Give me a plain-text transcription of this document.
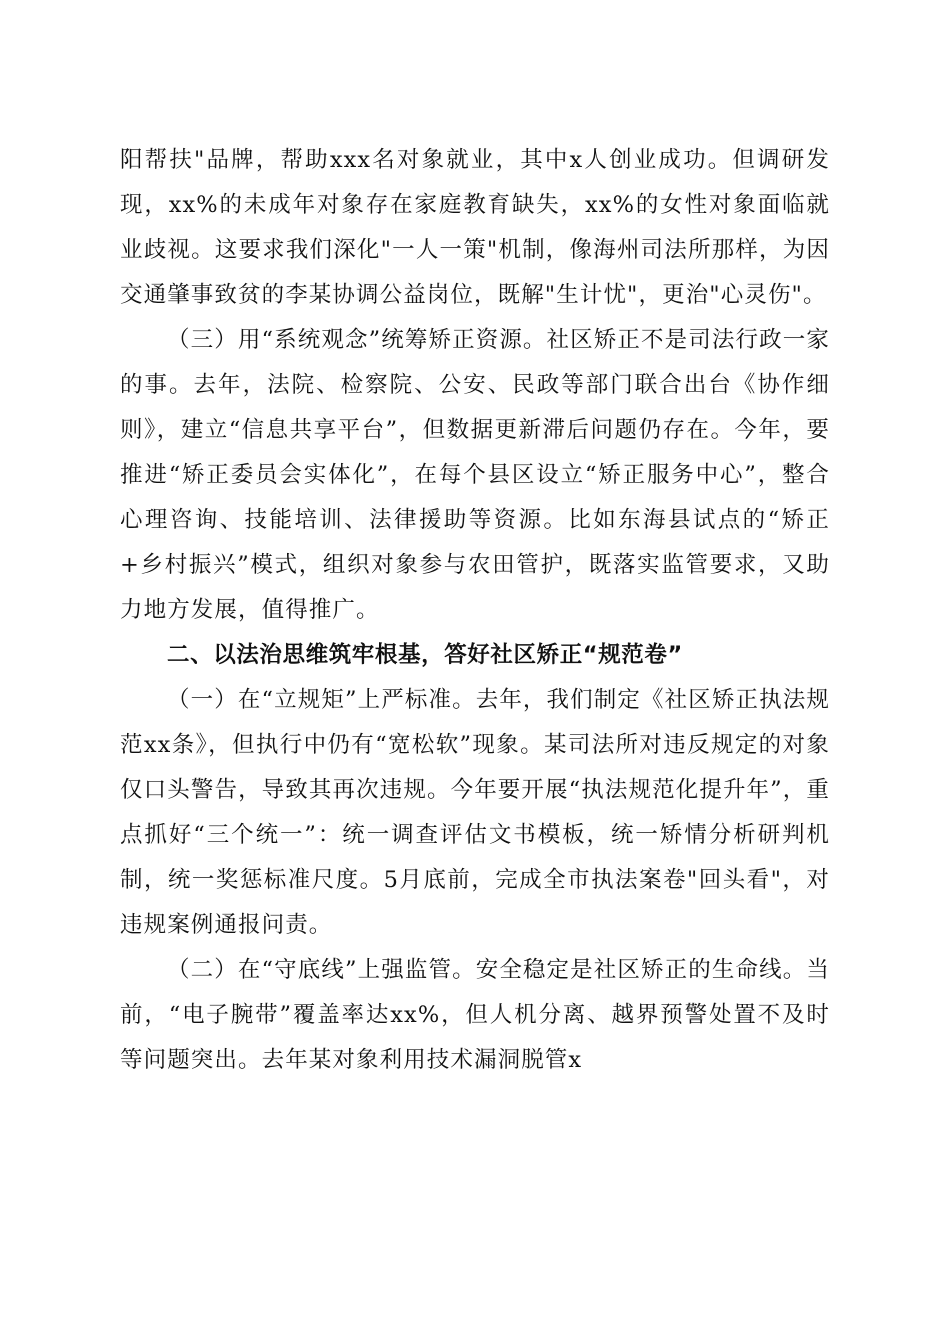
阳帮扶"品牌，帮助xxx名对象就业，其中x人创业成功。但调研发现，xx%的未成年对象存在家庭教育缺失，xx%的女性对象面临就业歧视。这要求我们深化"一人一策"机制，像海州司法所那样，为因交通肇事致贫的李某协调公益岗位，既解"生计忧"，更治"心灵伤"。

（三）用“系统观念”统筹矫正资源。社区矫正不是司法行政一家的事。去年，法院、检察院、公安、民政等部门联合出台《协作细则》，建立“信息共享平台”，但数据更新滞后问题仍存在。今年，要推进“矫正委员会实体化”，在每个县区设立“矫正服务中心”，整合心理咨询、技能培训、法律援助等资源。比如东海县试点的“矫正+乡村振兴”模式，组织对象参与农田管护，既落实监管要求，又助力地方发展，值得推广。

二、以法治思维筑牢根基，答好社区矫正“规范卷”

（一）在“立规矩”上严标准。去年，我们制定《社区矫正执法规范xx条》，但执行中仍有“宽松软”现象。某司法所对违反规定的对象仅口头警告，导致其再次违规。今年要开展“执法规范化提升年”，重点抓好“三个统一”：统一调查评估文书模板，统一矫情分析研判机制，统一奖惩标准尺度。5月底前，完成全市执法案卷"回头看"，对违规案例通报问责。

（二）在“守底线”上强监管。安全稳定是社区矫正的生命线。当前，“电子腕带”覆盖率达xx%，但人机分离、越界预警处置不及时等问题突出。去年某对象利用技术漏洞脱管x
